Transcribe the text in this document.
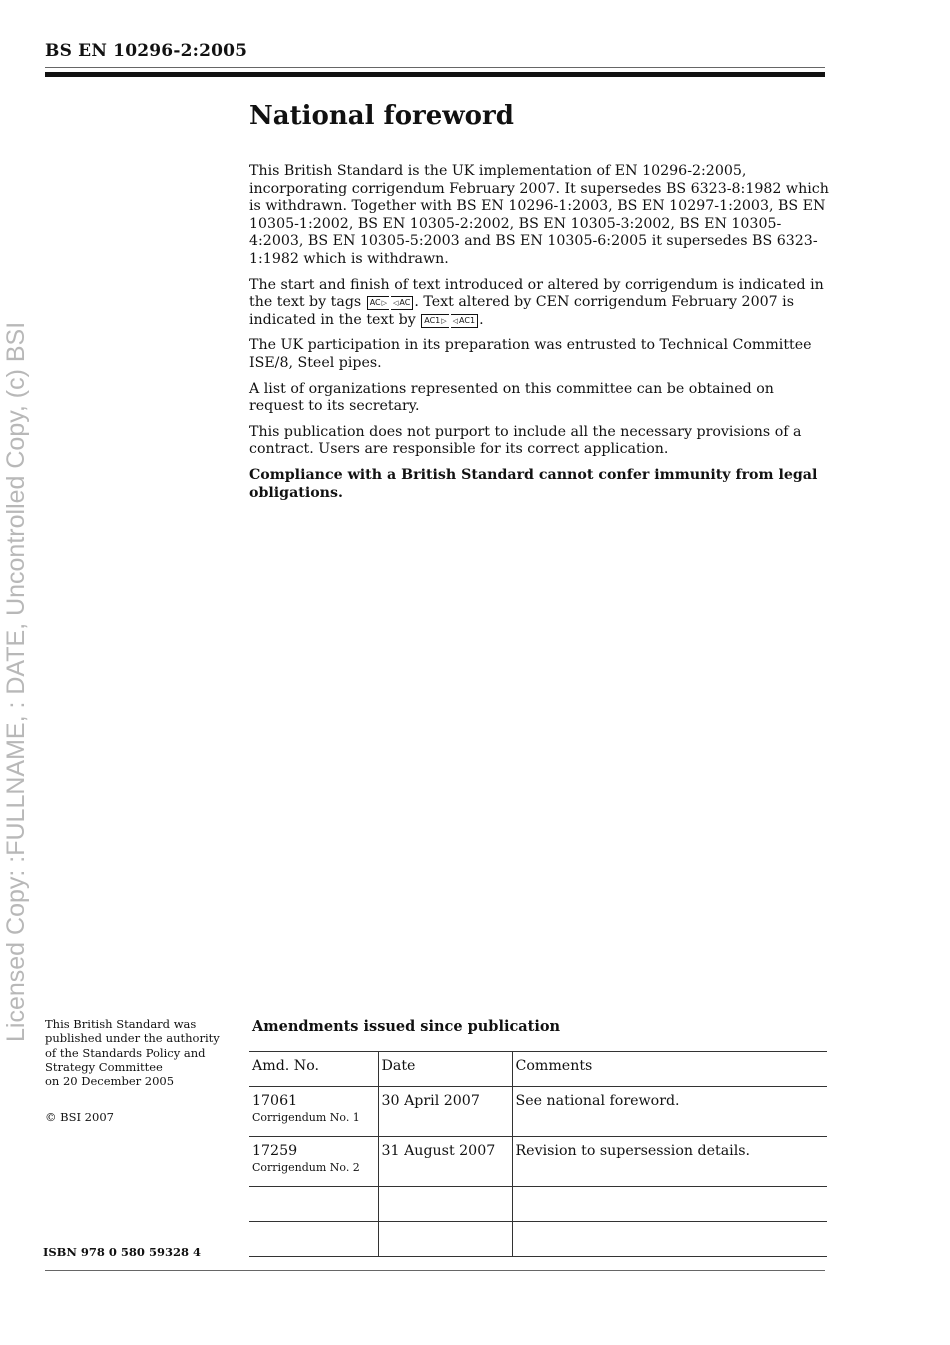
BS EN 10296-2:2005
Licensed Copy: :FULLNAME, : DATE, Uncontrolled Copy, (c) BSI
National foreword

This British Standard is the UK implementation of EN 10296-2:2005, incorporating corrigendum February 2007. It supersedes BS 6323-8:1982 which is withdrawn. Together with BS EN 10296-1:2003, BS EN 10297-1:2003, BS EN 10305-1:2002, BS EN 10305-2:2002, BS EN 10305-3:2002, BS EN 10305-4:2003, BS EN 10305-5:2003 and BS EN 10305-6:2005 it supersedes BS 6323-1:1982 which is withdrawn.

The start and finish of text introduced or altered by corrigendum is indicated in the text by tags AC ▷ ◁ AC . Text altered by CEN corrigendum February 2007 is indicated in the text by AC1 ▷ ◁ AC1 .

The UK participation in its preparation was entrusted to Technical Committee ISE/8, Steel pipes.

A list of organizations represented on this committee can be obtained on request to its secretary.

This publication does not purport to include all the necessary provisions of a contract. Users are responsible for its correct application.

Compliance with a British Standard cannot confer immunity from legal obligations.

This British Standard was
published under the authority
of the Standards Policy and
Strategy Committee
on 20 December 2005
© BSI 2007
ISBN 978 0 580 59328 4
Amendments issued since publication
Amd. No.	Date	Comments
17061
Corrigendum No. 1	30 April 2007	See national foreword.
17259
Corrigendum No. 2	31 August 2007	Revision to supersession details.
